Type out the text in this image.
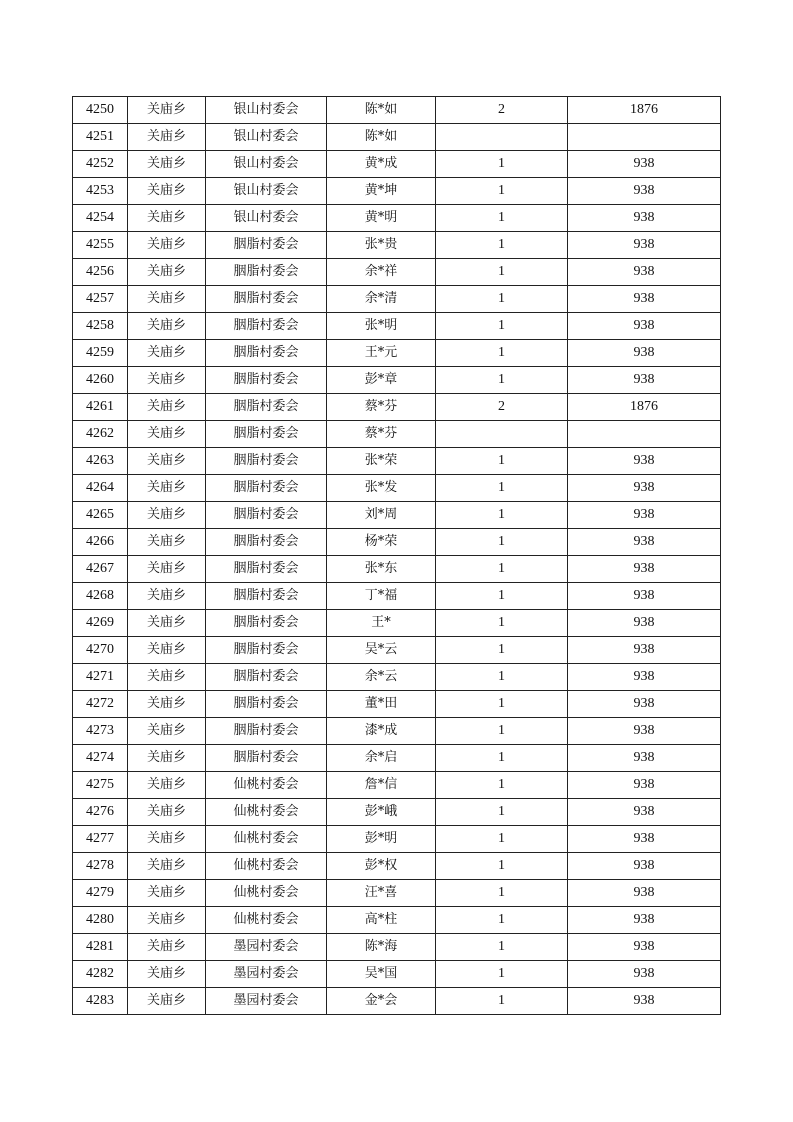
4250	关庙乡	银山村委会	陈*如	2	1876
4251	关庙乡	银山村委会	陈*如		
4252	关庙乡	银山村委会	黄*成	1	938
4253	关庙乡	银山村委会	黄*坤	1	938
4254	关庙乡	银山村委会	黄*明	1	938
4255	关庙乡	胭脂村委会	张*贵	1	938
4256	关庙乡	胭脂村委会	余*祥	1	938
4257	关庙乡	胭脂村委会	余*清	1	938
4258	关庙乡	胭脂村委会	张*明	1	938
4259	关庙乡	胭脂村委会	王*元	1	938
4260	关庙乡	胭脂村委会	彭*章	1	938
4261	关庙乡	胭脂村委会	蔡*芬	2	1876
4262	关庙乡	胭脂村委会	蔡*芬		
4263	关庙乡	胭脂村委会	张*荣	1	938
4264	关庙乡	胭脂村委会	张*发	1	938
4265	关庙乡	胭脂村委会	刘*周	1	938
4266	关庙乡	胭脂村委会	杨*荣	1	938
4267	关庙乡	胭脂村委会	张*东	1	938
4268	关庙乡	胭脂村委会	丁*福	1	938
4269	关庙乡	胭脂村委会	王*	1	938
4270	关庙乡	胭脂村委会	吴*云	1	938
4271	关庙乡	胭脂村委会	余*云	1	938
4272	关庙乡	胭脂村委会	董*田	1	938
4273	关庙乡	胭脂村委会	漆*成	1	938
4274	关庙乡	胭脂村委会	余*启	1	938
4275	关庙乡	仙桃村委会	詹*信	1	938
4276	关庙乡	仙桃村委会	彭*峨	1	938
4277	关庙乡	仙桃村委会	彭*明	1	938
4278	关庙乡	仙桃村委会	彭*权	1	938
4279	关庙乡	仙桃村委会	汪*喜	1	938
4280	关庙乡	仙桃村委会	高*柱	1	938
4281	关庙乡	墨园村委会	陈*海	1	938
4282	关庙乡	墨园村委会	吴*国	1	938
4283	关庙乡	墨园村委会	金*会	1	938
